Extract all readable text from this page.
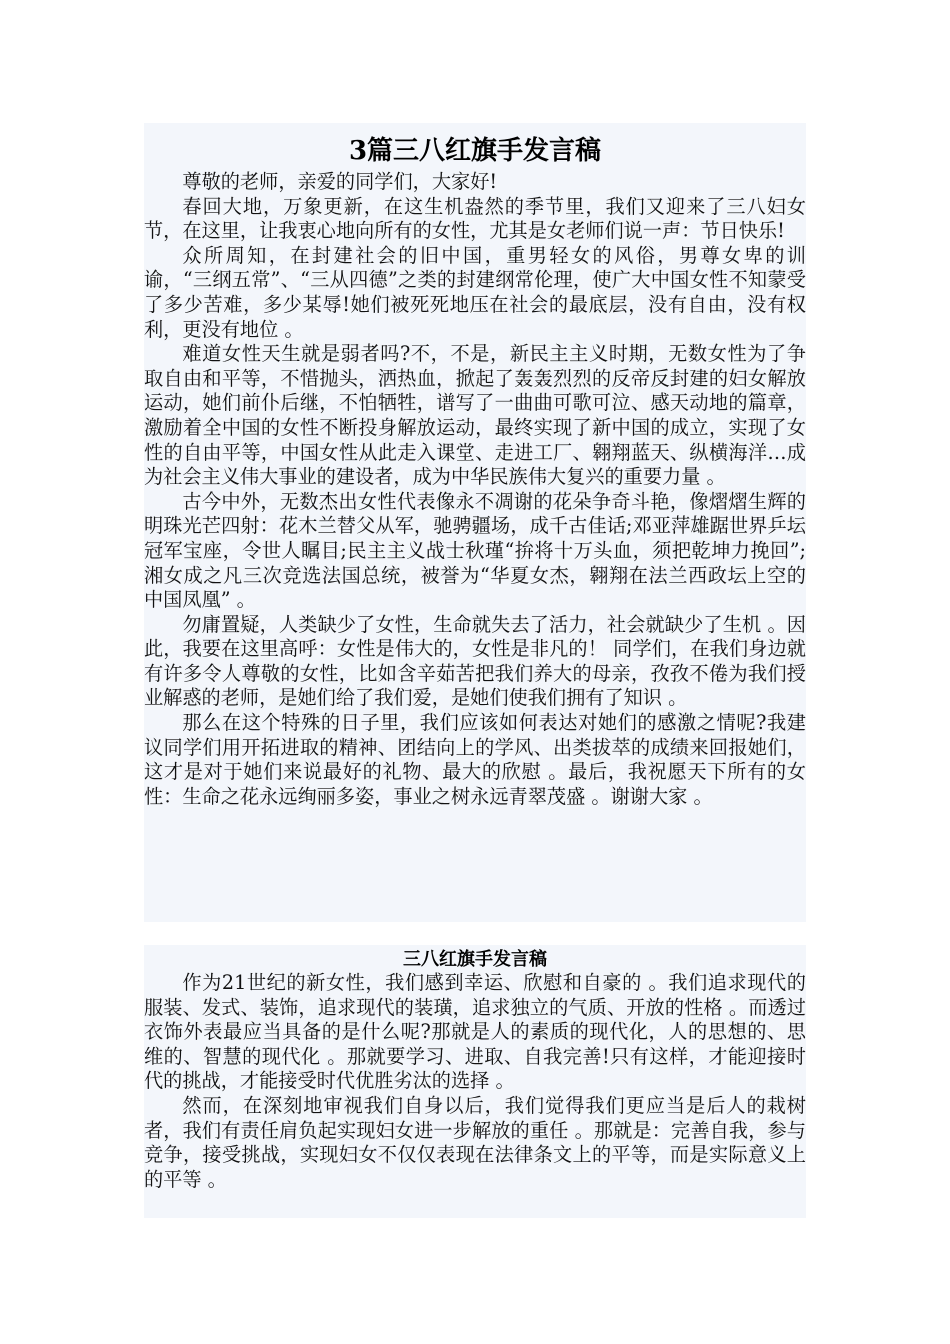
3篇三八红旗手发言稿

尊敬的老师，亲爱的同学们，大家好!

春回大地，万象更新，在这生机盎然的季节里，我们又迎来了三八妇女节，在这里，让我衷心地向所有的女性，尤其是女老师们说一声：节日快乐!

众所周知，在封建社会的旧中国，重男轻女的风俗，男尊女卑的训谕，“三纲五常”、“三从四德”之类的封建纲常伦理，使广大中国女性不知蒙受了多少苦难，多少某辱!她们被死死地压在社会的最底层，没有自由，没有权利，更没有地位 。

难道女性天生就是弱者吗?不，不是，新民主主义时期，无数女性为了争取自由和平等，不惜抛头，洒热血，掀起了轰轰烈烈的反帝反封建的妇女解放运动，她们前仆后继，不怕牺牲，谱写了一曲曲可歌可泣、感天动地的篇章，激励着全中国的女性不断投身解放运动，最终实现了新中国的成立，实现了女性的自由平等，中国女性从此走入课堂、走进工厂、翱翔蓝天、纵横海洋…成为社会主义伟大事业的建设者，成为中华民族伟大复兴的重要力量 。

古今中外，无数杰出女性代表像永不凋谢的花朵争奇斗艳，像熠熠生辉的明珠光芒四射：花木兰替父从军，驰骋疆场，成千古佳话;邓亚萍雄踞世界乒坛冠军宝座，令世人瞩目;民主主义战士秋瑾“拚将十万头血，须把乾坤力挽回”;湘女成之凡三次竞选法国总统，被誉为“华夏女杰，翱翔在法兰西政坛上空的中国凤凰” 。

勿庸置疑，人类缺少了女性，生命就失去了活力，社会就缺少了生机 。因此，我要在这里高呼：女性是伟大的，女性是非凡的！ 同学们，在我们身边就有许多令人尊敬的女性，比如含辛茹苦把我们养大的母亲，孜孜不倦为我们授业解惑的老师，是她们给了我们爱，是她们使我们拥有了知识 。

那么在这个特殊的日子里，我们应该如何表达对她们的感激之情呢?我建议同学们用开拓进取的精神、团结向上的学风、出类拔萃的成绩来回报她们，这才是对于她们来说最好的礼物、最大的欣慰 。最后，我祝愿天下所有的女性：生命之花永远绚丽多姿，事业之树永远青翠茂盛 。谢谢大家 。

三八红旗手发言稿

作为21世纪的新女性，我们感到幸运、欣慰和自豪的 。我们追求现代的服装、发式、装饰，追求现代的装璜，追求独立的气质、开放的性格 。而透过衣饰外表最应当具备的是什么呢?那就是人的素质的现代化，人的思想的、思维的、智慧的现代化 。那就要学习、进取、自我完善!只有这样，才能迎接时代的挑战，才能接受时代优胜劣汰的选择 。

然而，在深刻地审视我们自身以后，我们觉得我们更应当是后人的栽树者，我们有责任肩负起实现妇女进一步解放的重任 。那就是：完善自我，参与竞争，接受挑战，实现妇女不仅仅表现在法律条文上的平等，而是实际意义上的平等 。
